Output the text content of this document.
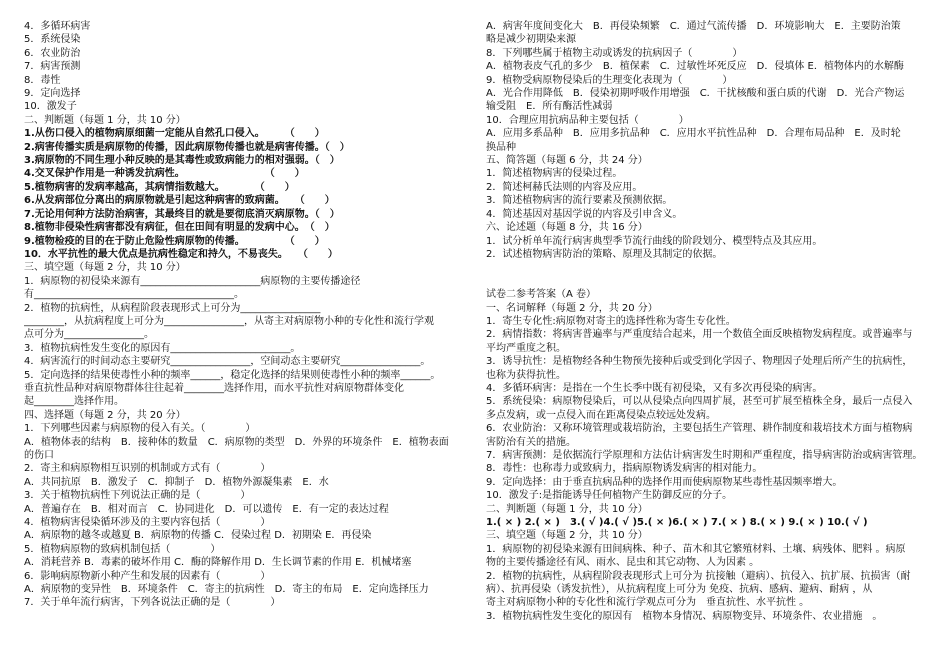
4．多循环病害
5．系统侵染
6．农业防治
7．病害预测
8．毒性
9．定向选择
10．激发子
二、判断题（每题 1 分，共 10 分）
1.从伤口侵入的植物病原细菌一定能从自然孔口侵入。　　　（　　）
2.病害传播实质是病原物的传播，因此病原物传播也就是病害传播。（　）
3.病原物的不同生理小种反映的是其毒性或致病能力的相对强弱。（　）
4.交叉保护作用是一种诱发抗病性。　　　　　　　　　（　　）
5.植物病害的发病率越高，其病情指数越大。　　　　（　　）
6.从发病部位分离出的病原物就是引起这种病害的致病菌。　　（　　）
7.无论用何种方法防治病害，其最终目的就是要彻底消灭病原物。（　）
8.植物非侵染性病害都没有病征，但在田间有明显的发病中心。　（　）
9.植物检疫的目的在于防止危险性病原物的传播。　　　　　（　　）
10．水平抗性的最大优点是抗病性稳定和持久，不易丧失。　　（　　）
三、填空题（每题 2 分，共 10 分）
1．病原物的初侵染来源有________________________病原物的主要传播途径
有________________________________________。
2．植物的抗病性，从病程阶段表现形式上可分为________________
________，从抗病程度上可分为________________，从寄主对病原物小种的专化性和流行学观
点可分为________________。
3．植物抗病性发生变化的原因有________________________。
4．病害流行的时间动态主要研究________________，空间动态主要研究________________。
5．定向选择的结果使毒性小种的频率______，稳定化选择的结果则使毒性小种的频率______。
垂直抗性品种对病原物群体往往起着________选择作用，而水平抗性对病原物群体变化
起________选择作用。
四、选择题（每题 2 分，共 20 分）
1．下列哪些因素与病原物的侵入有关。（　　　　）
A．植物体表的结构　B．接种体的数量　C．病原物的类型　D．外界的环境条件　E．植物表面
的伤口
2．寄主和病原物相互识别的机制或方式有（　　　　）
A．共同抗原　B．激发子　C．抑制子　D．植物外源凝集素　E．水
3．关于植物抗病性下列说法正确的是（　　　　）
A．普遍存在　B．相对而言　C．协同进化　D．可以遗传　E．有一定的表达过程
4．植物病害侵染循环涉及的主要内容包括（　　　　）
A．病原物的越冬或越夏 B．病原物的传播 C．侵染过程 D．初期染 E．再侵染
5．植物病原物的致病机制包括（　　　　）
A．消耗营养 B．毒素的破坏作用 C．酶的降解作用 D．生长调节素的作用 E．机械堵塞
6．影响病原物新小种产生和发展的因素有（　　　　）
A．病原物的变异性　B．环境条件　C．寄主的抗病性　D．寄主的布局　E．定向选择压力
7．关于单年流行病害，下列各说法正确的是（　　　　）
A．病害年度间变化大　B．再侵染频繁　C．通过气流传播　D．环境影响大　E．主要防治策
略是减少初期染来源
8．下列哪些属于植物主动或诱发的抗病因子（　　　　）
A．植物表皮气孔的多少　B．植保素　C．过敏性坏死反应　D．侵填体 E．植物体内的水解酶
9．植物受病原物侵染后的生理变化表现为（　　　　）
A．光合作用降低　B．侵染初期呼吸作用增强　C．干扰核酸和蛋白质的代谢　D．光合产物运
输受阻　E．所有酶活性减弱
10．合理应用抗病品种主要包括（　　　　）
A．应用多系品种　B．应用多抗品种　C．应用水平抗性品种　D．合理布局品种　E．及时轮
换品种
五、简答题（每题 6 分，共 24 分）
1．简述植物病害的侵染过程。
2．简述柯赫氏法则的内容及应用。
3．简述植物病害的流行要素及预测依据。
4．简述基因对基因学说的内容及引申含义。
六、论述题（每题 8 分，共 16 分）
1．试分析单年流行病害典型季节流行曲线的阶段划分、模型特点及其应用。
2．试述植物病害防治的策略、原理及其制定的依据。

试卷二参考答案（A 卷）
一、名词解释（每题 2 分，共 20 分）
1．寄生专化性:病原物对寄主的选择性称为寄生专化性。
2．病情指数：将病害普遍率与严重度结合起来，用一个数值全面反映植物发病程度。或普遍率与
平均严重度之积。
3．诱导抗性：是植物经各种生物预先接种后或受到化学因子、物理因子处理后所产生的抗病性，
也称为获得抗性。
4．多循环病害：是指在一个生长季中既有初侵染，又有多次再侵染的病害。
5．系统侵染：病原物侵染后，可以从侵染点向四周扩展，甚至可扩展至植株全身，最后一点侵入
多点发病，或一点侵入而在距离侵染点较远处发病。
6．农业防治：又称环境管理或栽培防治，主要包括生产管理、耕作制度和栽培技术方面与植物病
害防治有关的措施。
7．病害预测：是依据流行学原理和方法估计病害发生时期和严重程度，指导病害防治或病害管理。
8．毒性：也称毒力或致病力，指病原物诱发病害的相对能力。
9．定向选择：由于垂直抗病品种的选择作用而使病原物某些毒性基因频率增大。
10．激发子:是指能诱导任何植物产生防御反应的分子。
二、判断题（每题 1 分，共 10 分）
1.( × ) 2.( × )　3.( √ )4.( √ )5.( × )6.( × ) 7.( × ) 8.( × ) 9.( × ) 10.( √ )
三、填空题（每题 2 分，共 10 分）
1．病原物的初侵染来源有田间病株、种子、苗木和其它繁殖材料、土壤、病残体、肥料 。病原
物的主要传播途径有风、雨水、昆虫和其它动物、人为因素 。
2．植物的抗病性，从病程阶段表现形式上可分为 抗接触（避病）、抗侵入、抗扩展、抗损害（耐
病）、抗再侵染（诱发抗性），从抗病程度上可分为 免疫、抗病、感病、避病、耐病 ，从
寄主对病原物小种的专化性和流行学观点可分为　垂直抗性、水平抗性 。
3．植物抗病性发生变化的原因有　植物本身情况、病原物变异、环境条件、农业措施　。
